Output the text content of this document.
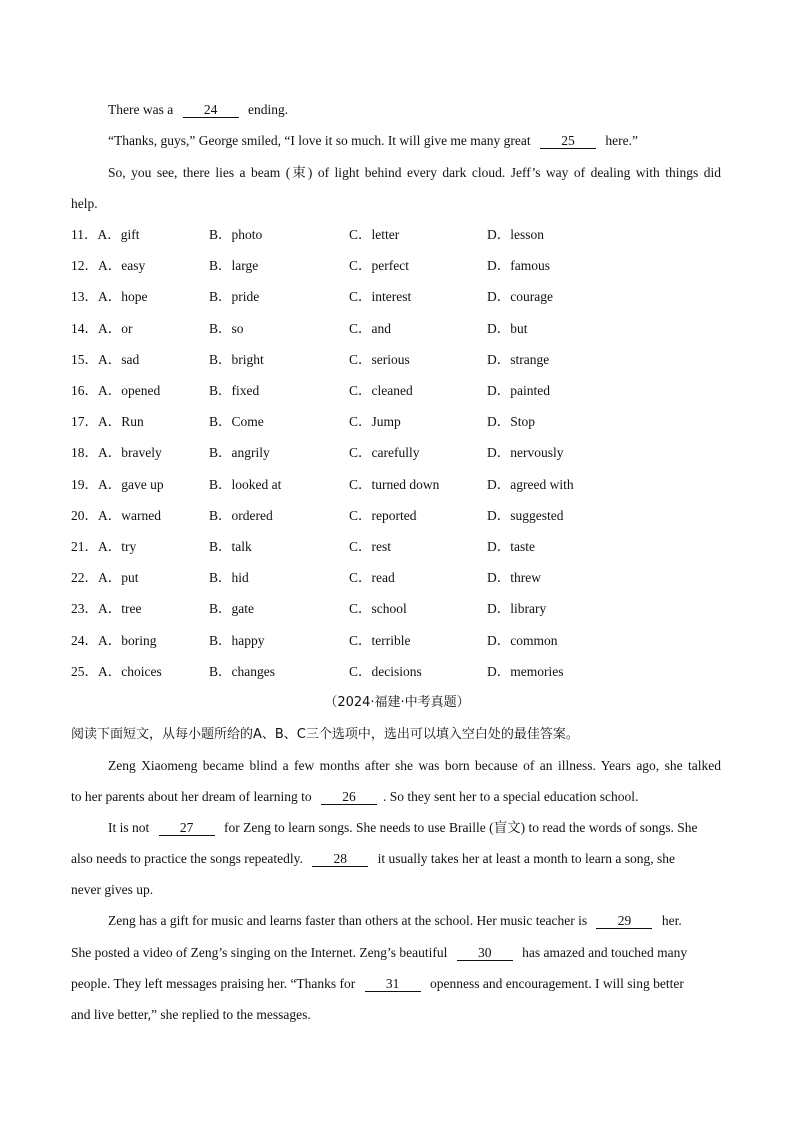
There was a 24 ending.
“Thanks, guys,” George smiled, “I love it so much. It will give me many great 25 here.”
So, you see, there lies a beam (束) of light behind every dark cloud. Jeff’s way of dealing with things did
help.
11．A．gift	B．photo	C．letter	D．lesson
12．A．easy	B．large	C．perfect	D．famous
13．A．hope	B．pride	C．interest	D．courage
14．A．or	B．so	C．and	D．but
15．A．sad	B．bright	C．serious	D．strange
16．A．opened	B．fixed	C．cleaned	D．painted
17．A．Run	B．Come	C．Jump	D．Stop
18．A．bravely	B．angrily	C．carefully	D．nervously
19．A．gave up	B．looked at	C．turned down	D．agreed with
20．A．warned	B．ordered	C．reported	D．suggested
21．A．try	B．talk	C．rest	D．taste
22．A．put	B．hid	C．read	D．threw
23．A．tree	B．gate	C．school	D．library
24．A．boring	B．happy	C．terrible	D．common
25．A．choices	B．changes	C．decisions	D．memories
（2024·福建·中考真题）
阅读下面短文，从每小题所给的A、B、C三个选项中，选出可以填入空白处的最佳答案。
Zeng Xiaomeng became blind a few months after she was born because of an illness. Years ago, she talked
to her parents about her dream of learning to 26 . So they sent her to a special education school.
It is not 27 for Zeng to learn songs. She needs to use Braille (盲文) to read the words of songs. She
also needs to practice the songs repeatedly. 28 it usually takes her at least a month to learn a song, she
never gives up.
Zeng has a gift for music and learns faster than others at the school. Her music teacher is 29 her.
She posted a video of Zeng’s singing on the Internet. Zeng’s beautiful 30 has amazed and touched many
people. They left messages praising her. “Thanks for 31 openness and encouragement. I will sing better
and live better,” she replied to the messages.
